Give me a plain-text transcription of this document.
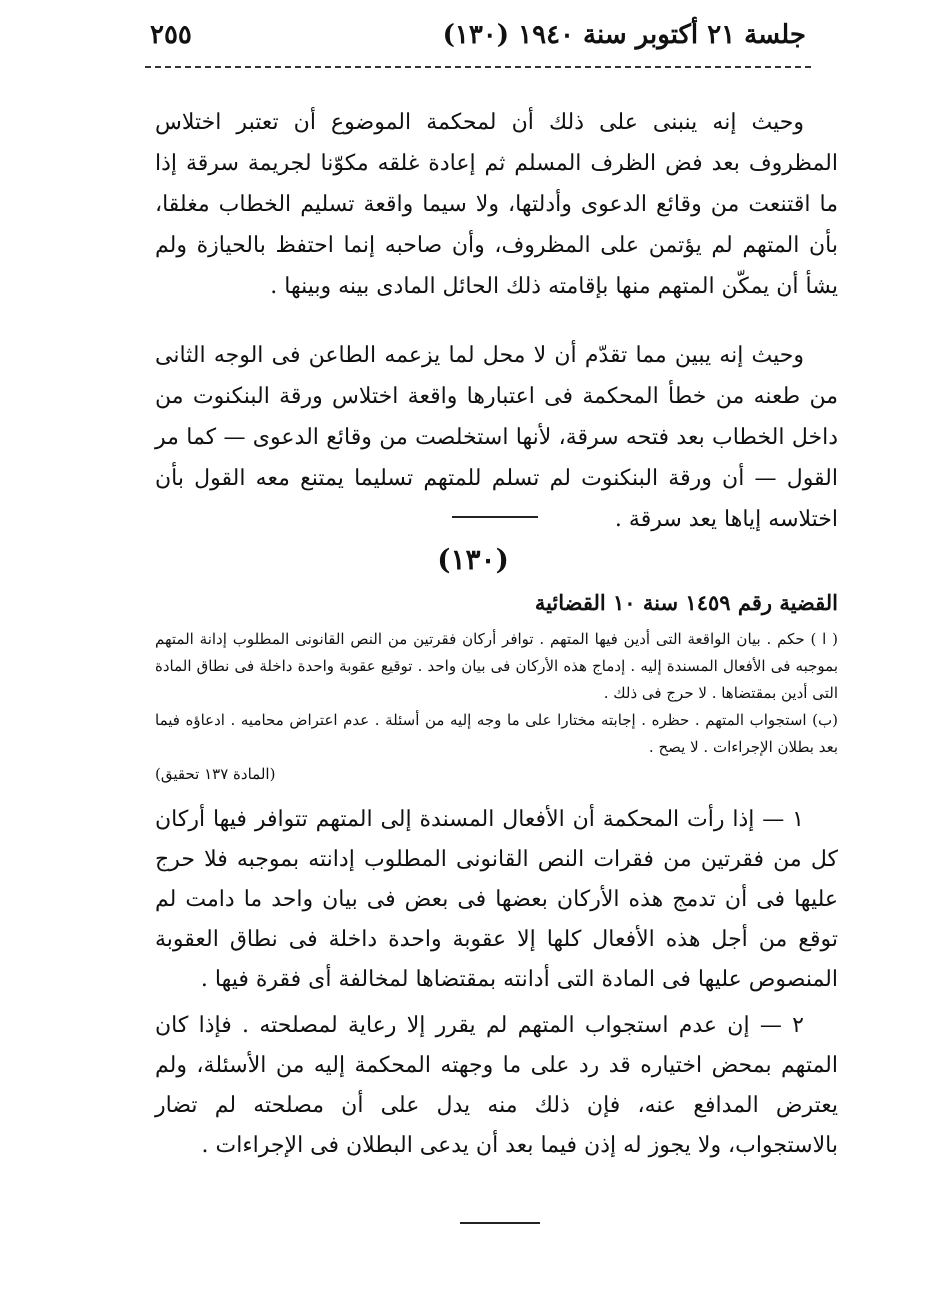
جلسة ٢١ أكتوبر سنة ١٩٤٠ (١٣٠)
٢٥٥

وحيث إنه ينبنى على ذلك أن لمحكمة الموضوع أن تعتبر اختلاس المظروف بعد فض الظرف المسلم ثم إعادة غلقه مكوّنا لجريمة سرقة إذا ما اقتنعت من وقائع الدعوى وأدلتها، ولا سيما واقعة تسليم الخطاب مغلقا، بأن المتهم لم يؤتمن على المظروف، وأن صاحبه إنما احتفظ بالحيازة ولم يشأ أن يمكّن المتهم منها بإقامته ذلك الحائل المادى بينه وبينها .

وحيث إنه يبين مما تقدّم أن لا محل لما يزعمه الطاعن فى الوجه الثانى من طعنه من خطأ المحكمة فى اعتبارها واقعة اختلاس ورقة البنكنوت من داخل الخطاب بعد فتحه سرقة، لأنها استخلصت من وقائع الدعوى — كما مر القول — أن ورقة البنكنوت لم تسلم للمتهم تسليما يمتنع معه القول بأن اختلاسه إياها يعد سرقة .

(١٣٠)
القضية رقم ١٤٥٩ سنة ١٠ القضائية

( ا ) حكم . بيان الواقعة التى أدين فيها المتهم . توافر أركان فقرتين من النص القانونى المطلوب إدانة المتهم بموجبه فى الأفعال المسندة إليه . إدماج هذه الأركان فى بيان واحد . توقيع عقوبة واحدة داخلة فى نطاق المادة التى أدين بمقتضاها . لا حرج فى ذلك .

(ب) استجواب المتهم . حظره . إجابته مختارا على ما وجه إليه من أسئلة . عدم اعتراض محاميه . ادعاؤه فيما بعد بطلان الإجراءات . لا يصح .

(المادة ١٣٧ تحقيق)

١ — إذا رأت المحكمة أن الأفعال المسندة إلى المتهم تتوافر فيها أركان كل من فقرتين من فقرات النص القانونى المطلوب إدانته بموجبه فلا حرج عليها فى أن تدمج هذه الأركان بعضها فى بعض فى بيان واحد ما دامت لم توقع من أجل هذه الأفعال كلها إلا عقوبة واحدة داخلة فى نطاق العقوبة المنصوص عليها فى المادة التى أدانته بمقتضاها لمخالفة أى فقرة فيها .

٢ — إن عدم استجواب المتهم لم يقرر إلا رعاية لمصلحته . فإذا كان المتهم بمحض اختياره قد رد على ما وجهته المحكمة إليه من الأسئلة، ولم يعترض المدافع عنه، فإن ذلك منه يدل على أن مصلحته لم تضار بالاستجواب، ولا يجوز له إذن فيما بعد أن يدعى البطلان فى الإجراءات .
